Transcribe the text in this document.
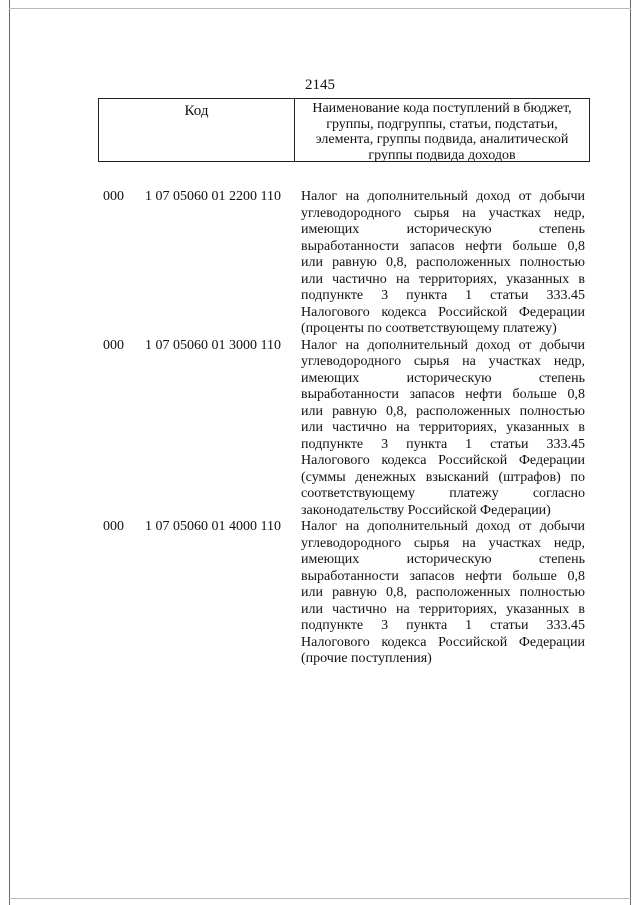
2145
Код	Наименование кода поступлений в бюджет,
группы, подгруппы, статьи, подстатьи,
элемента, группы подвида, аналитической
группы подвида доходов
000 1 07 05060 01 2200 110 Налог на дополнительный доход от добычи
углеводородного сырья на участках недр,
имеющих историческую степень
выработанности запасов нефти больше 0,8
или равную 0,8, расположенных полностью
или частично на территориях, указанных в
подпункте 3 пункта 1 статьи 333.45
Налогового кодекса Российской Федерации
(проценты по соответствующему платежу)
000 1 07 05060 01 3000 110 Налог на дополнительный доход от добычи
углеводородного сырья на участках недр,
имеющих историческую степень
выработанности запасов нефти больше 0,8
или равную 0,8, расположенных полностью
или частично на территориях, указанных в
подпункте 3 пункта 1 статьи 333.45
Налогового кодекса Российской Федерации
(суммы денежных взысканий (штрафов) по
соответствующему платежу согласно
законодательству Российской Федерации)
000 1 07 05060 01 4000 110 Налог на дополнительный доход от добычи
углеводородного сырья на участках недр,
имеющих историческую степень
выработанности запасов нефти больше 0,8
или равную 0,8, расположенных полностью
или частично на территориях, указанных в
подпункте 3 пункта 1 статьи 333.45
Налогового кодекса Российской Федерации
(прочие поступления)
